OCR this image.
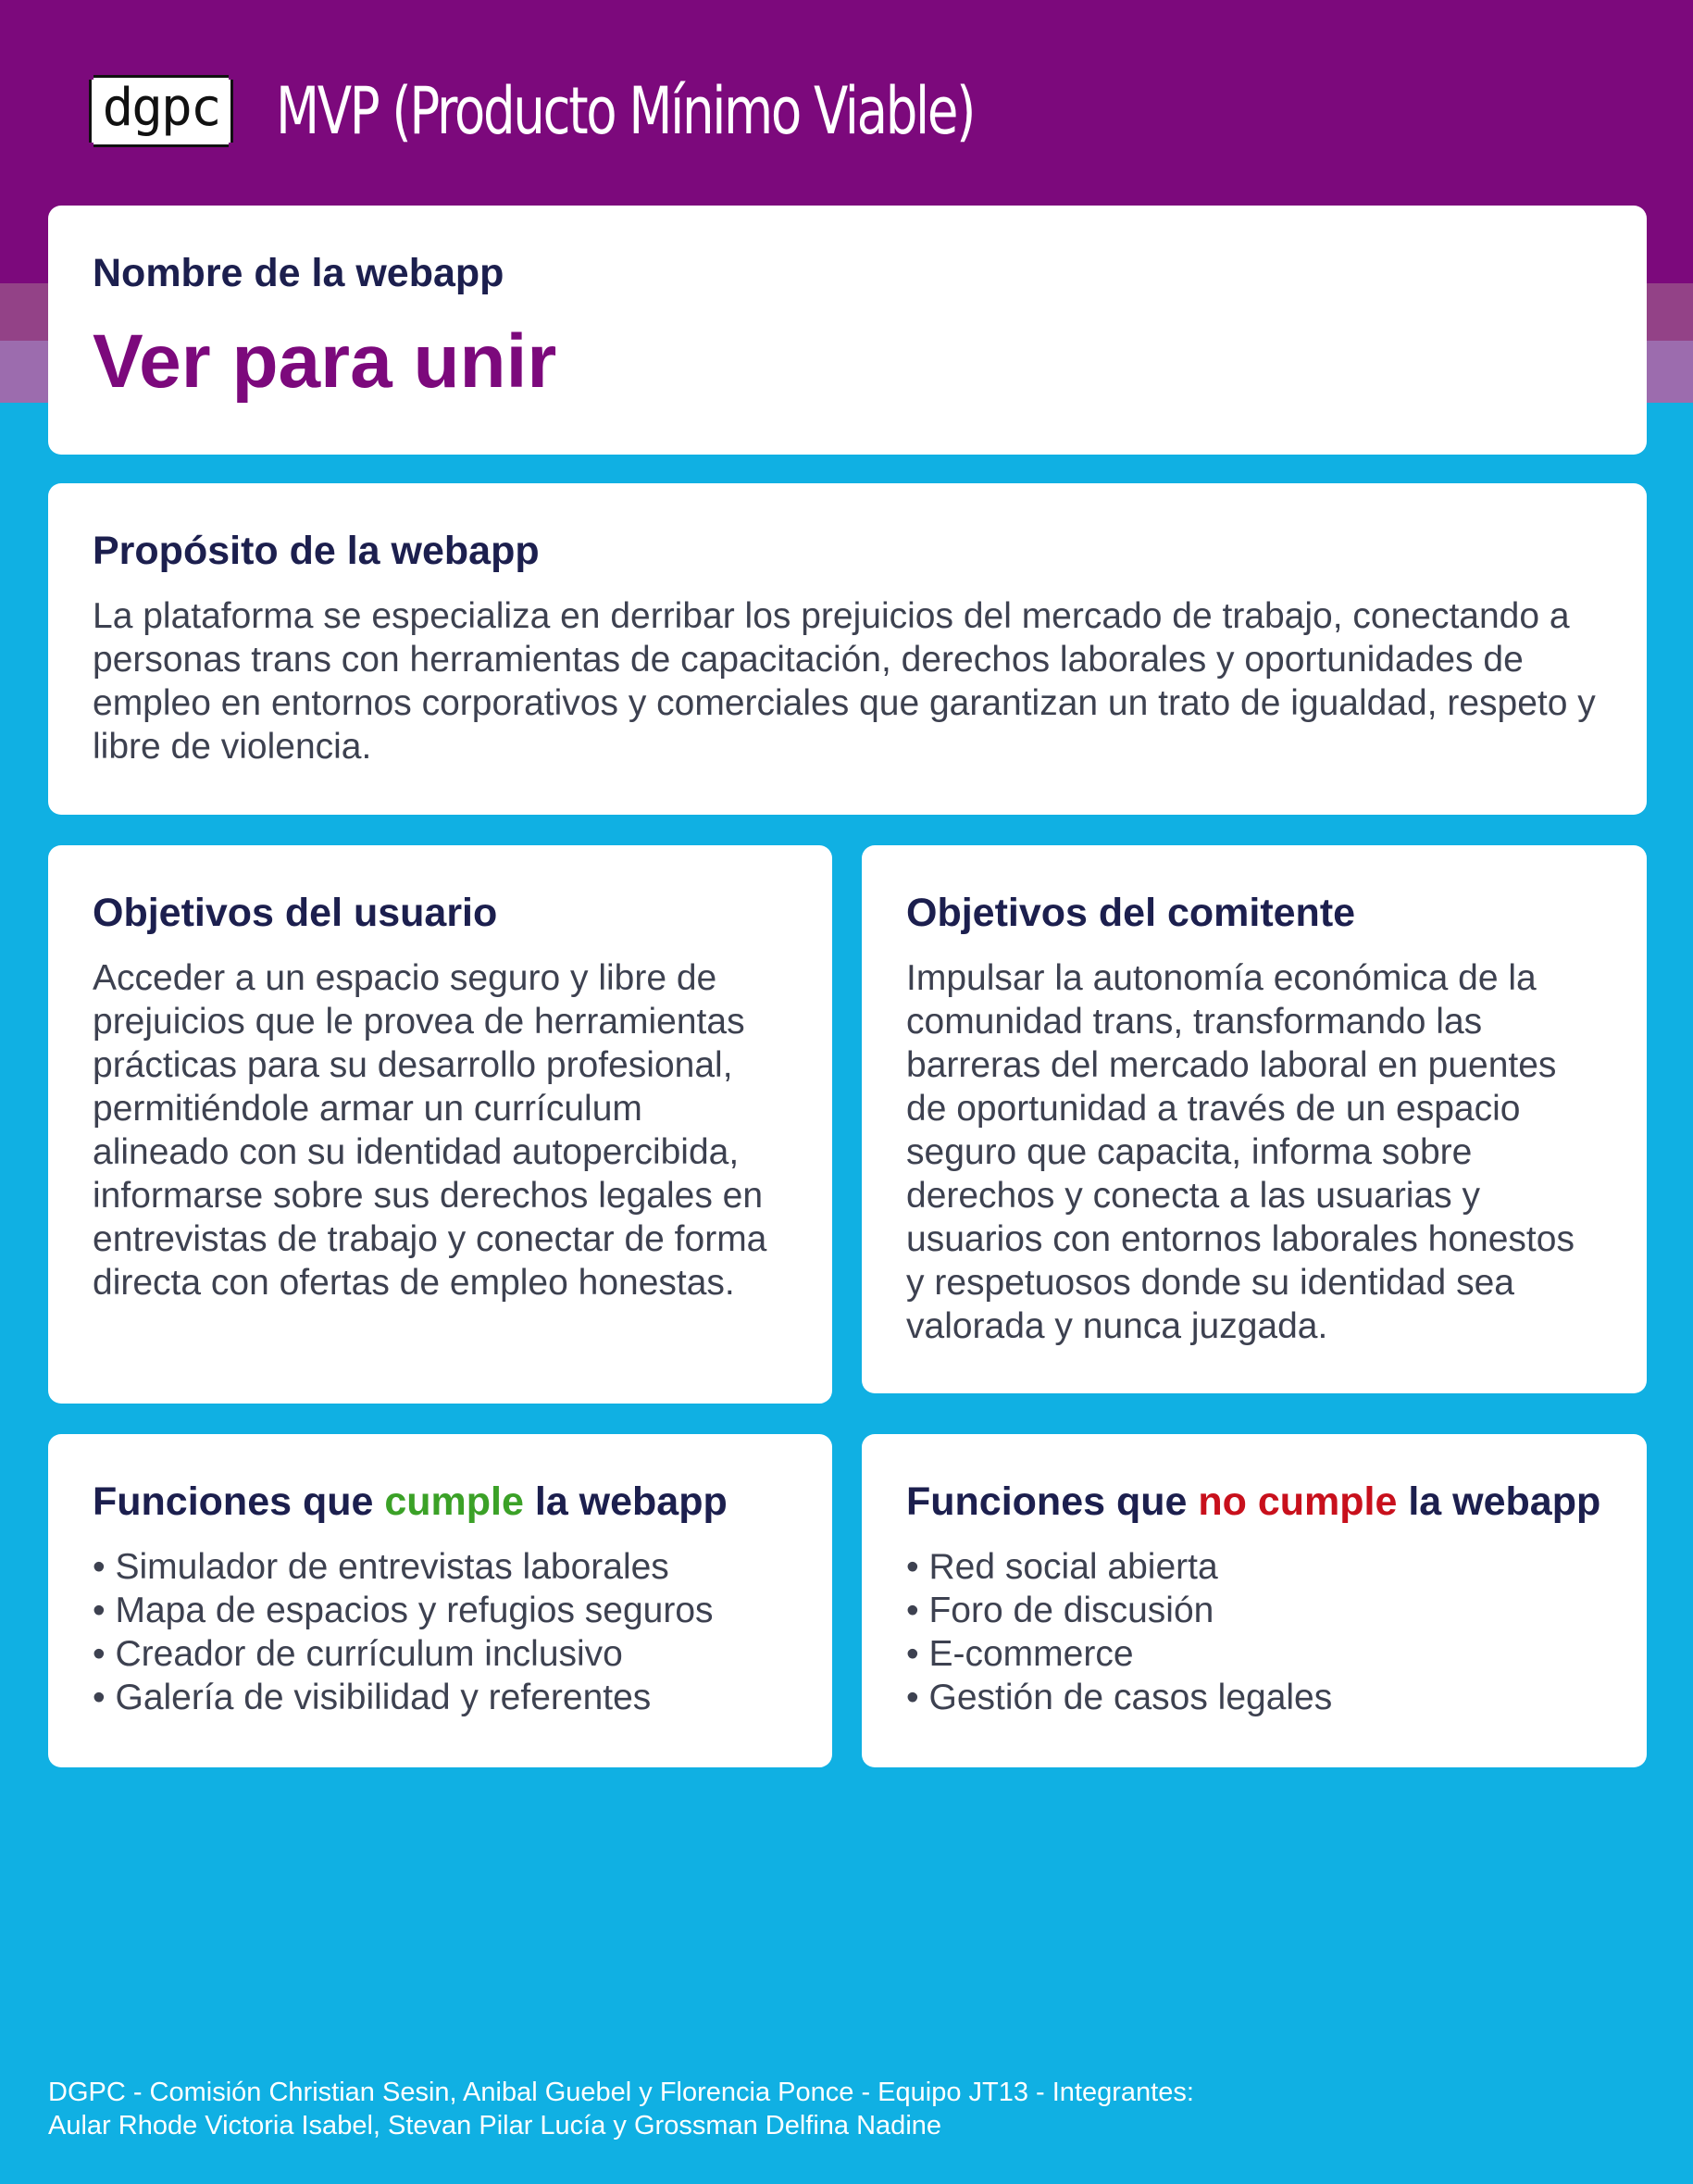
dgpc MVP (Producto Mínimo Viable)
Nombre de la webapp
Ver para unir
Propósito de la webapp

La plataforma se especializa en derribar los prejuicios del mercado de trabajo, conectando a personas trans con herramientas de capacitación, derechos laborales y oportunidades de empleo en entornos corporativos y comerciales que garantizan un trato de igualdad, respeto y libre de violencia.

Objetivos del usuario

Acceder a un espacio seguro y libre de prejuicios que le provea de herramientas prácticas para su desarrollo profesional, permitiéndole armar un currículum alineado con su identidad autopercibida, informarse sobre sus derechos legales en entrevistas de trabajo y conectar de forma directa con ofertas de empleo honestas.

Objetivos del comitente

Impulsar la autonomía económica de la comunidad trans, transformando las barreras del mercado laboral en puentes de oportunidad a través de un espacio seguro que capacita, informa sobre derechos y conecta a las usuarias y usuarios con entornos laborales honestos y respetuosos donde su identidad sea valorada y nunca juzgada.

Funciones que cumple la webapp
• Simulador de entrevistas laborales
• Mapa de espacios y refugios seguros
• Creador de currículum inclusivo
• Galería de visibilidad y referentes
Funciones que no cumple la webapp
• Red social abierta
• Foro de discusión
• E-commerce
• Gestión de casos legales
DGPC - Comisión Christian Sesin, Anibal Guebel y Florencia Ponce - Equipo JT13 - Integrantes:
Aular Rhode Victoria Isabel, Stevan Pilar Lucía y Grossman Delfina Nadine
